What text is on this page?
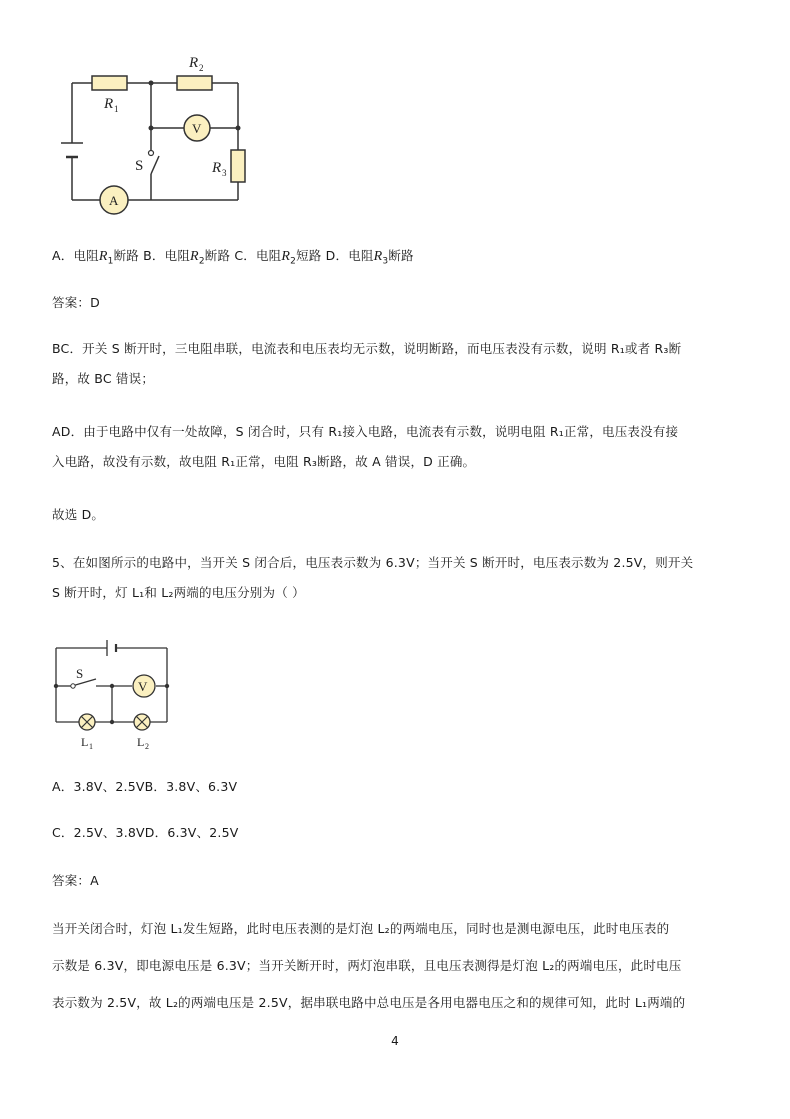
V
A
R 1
R 2
R 3
S
A．电阻$R_1$断路 B．电阻$R_2$断路 C．电阻$R_2$短路 D．电阻$R_3$断路
答案：D
BC．开关 S 断开时，三电阻串联，电流表和电压表均无示数，说明断路，而电压表没有示数，说明 R₁或者 R₃断
路，故 BC 错误；
AD．由于电路中仅有一处故障，S 闭合时，只有 R₁接入电路，电流表有示数，说明电阻 R₁正常，电压表没有接
入电路，故没有示数，故电阻 R₁正常，电阻 R₃断路，故 A 错误，D 正确。
故选 D。
5、在如图所示的电路中，当开关 S 闭合后，电压表示数为 6.3V；当开关 S 断开时，电压表示数为 2.5V，则开关
S 断开时，灯 L₁和 L₂两端的电压分别为（ ）
V
S
L 1	L 2
A．3.8V、2.5VB．3.8V、6.3V
C．2.5V、3.8VD．6.3V、2.5V
答案：A
当开关闭合时，灯泡 L₁发生短路，此时电压表测的是灯泡 L₂的两端电压，同时也是测电源电压，此时电压表的
示数是 6.3V，即电源电压是 6.3V；当开关断开时，两灯泡串联，且电压表测得是灯泡 L₂的两端电压，此时电压
表示数为 2.5V，故 L₂的两端电压是 2.5V，据串联电路中总电压是各用电器电压之和的规律可知，此时 L₁两端的
4
